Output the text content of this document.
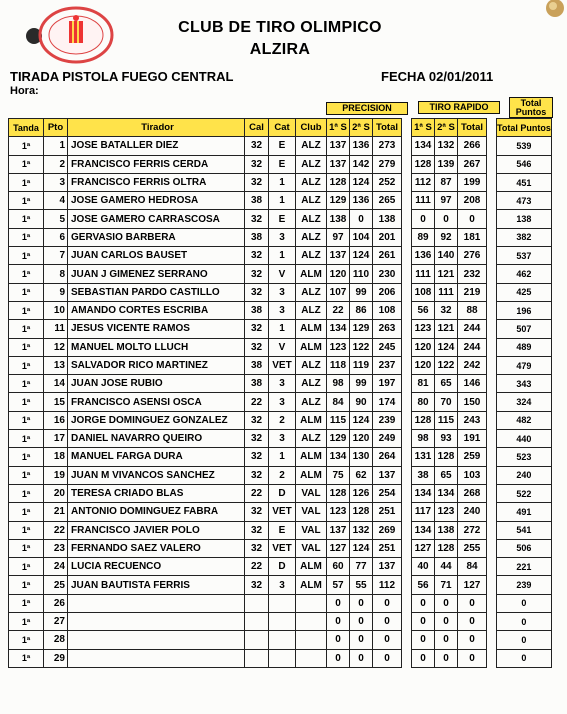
CLUB DE TIRO OLIMPICO
ALZIRA
TIRADA PISTOLA FUEGO CENTRAL
Hora:
FECHA 02/01/2011
PRECISION	TIRO RAPIDO	Total
Puntos
Tanda	Pto	Tirador	Cal	Cat	Club	1ª S	2ª S	Total		1ª S	2ª S	Total		Total Puntos
1ª	1	JOSE BATALLER DIEZ	32	E	ALZ	137	136	273		134	132	266		539
1ª	2	FRANCISCO FERRIS CERDA	32	E	ALZ	137	142	279		128	139	267		546
1ª	3	FRANCISCO FERRIS OLTRA	32	1	ALZ	128	124	252		112	87	199		451
1ª	4	JOSE GAMERO HEDROSA	38	1	ALZ	129	136	265		111	97	208		473
1ª	5	JOSE GAMERO CARRASCOSA	32	E	ALZ	138	0	138		0	0	0		138
1ª	6	GERVASIO BARBERA	38	3	ALZ	97	104	201		89	92	181		382
1ª	7	JUAN CARLOS BAUSET	32	1	ALZ	137	124	261		136	140	276		537
1ª	8	JUAN J GIMENEZ SERRANO	32	V	ALM	120	110	230		111	121	232		462
1ª	9	SEBASTIAN PARDO CASTILLO	32	3	ALZ	107	99	206		108	111	219		425
1ª	10	AMANDO CORTES ESCRIBA	38	3	ALZ	22	86	108		56	32	88		196
1ª	11	JESUS VICENTE RAMOS	32	1	ALM	134	129	263		123	121	244		507
1ª	12	MANUEL MOLTO LLUCH	32	V	ALM	123	122	245		120	124	244		489
1ª	13	SALVADOR RICO MARTINEZ	38	VET	ALZ	118	119	237		120	122	242		479
1ª	14	JUAN JOSE RUBIO	38	3	ALZ	98	99	197		81	65	146		343
1ª	15	FRANCISCO ASENSI OSCA	22	3	ALZ	84	90	174		80	70	150		324
1ª	16	JORGE DOMINGUEZ GONZALEZ	32	2	ALM	115	124	239		128	115	243		482
1ª	17	DANIEL NAVARRO QUEIRO	32	3	ALZ	129	120	249		98	93	191		440
1ª	18	MANUEL FARGA DURA	32	1	ALM	134	130	264		131	128	259		523
1ª	19	JUAN M VIVANCOS SANCHEZ	32	2	ALM	75	62	137		38	65	103		240
1ª	20	TERESA CRIADO BLAS	22	D	VAL	128	126	254		134	134	268		522
1ª	21	ANTONIO DOMINGUEZ FABRA	32	VET	VAL	123	128	251		117	123	240		491
1ª	22	FRANCISCO JAVIER POLO	32	E	VAL	137	132	269		134	138	272		541
1ª	23	FERNANDO SAEZ VALERO	32	VET	VAL	127	124	251		127	128	255		506
1ª	24	LUCIA RECUENCO	22	D	ALM	60	77	137		40	44	84		221
1ª	25	JUAN BAUTISTA FERRIS	32	3	ALM	57	55	112		56	71	127		239
1ª	26					0	0	0		0	0	0		0
1ª	27					0	0	0		0	0	0		0
1ª	28					0	0	0		0	0	0		0
1ª	29					0	0	0		0	0	0		0
